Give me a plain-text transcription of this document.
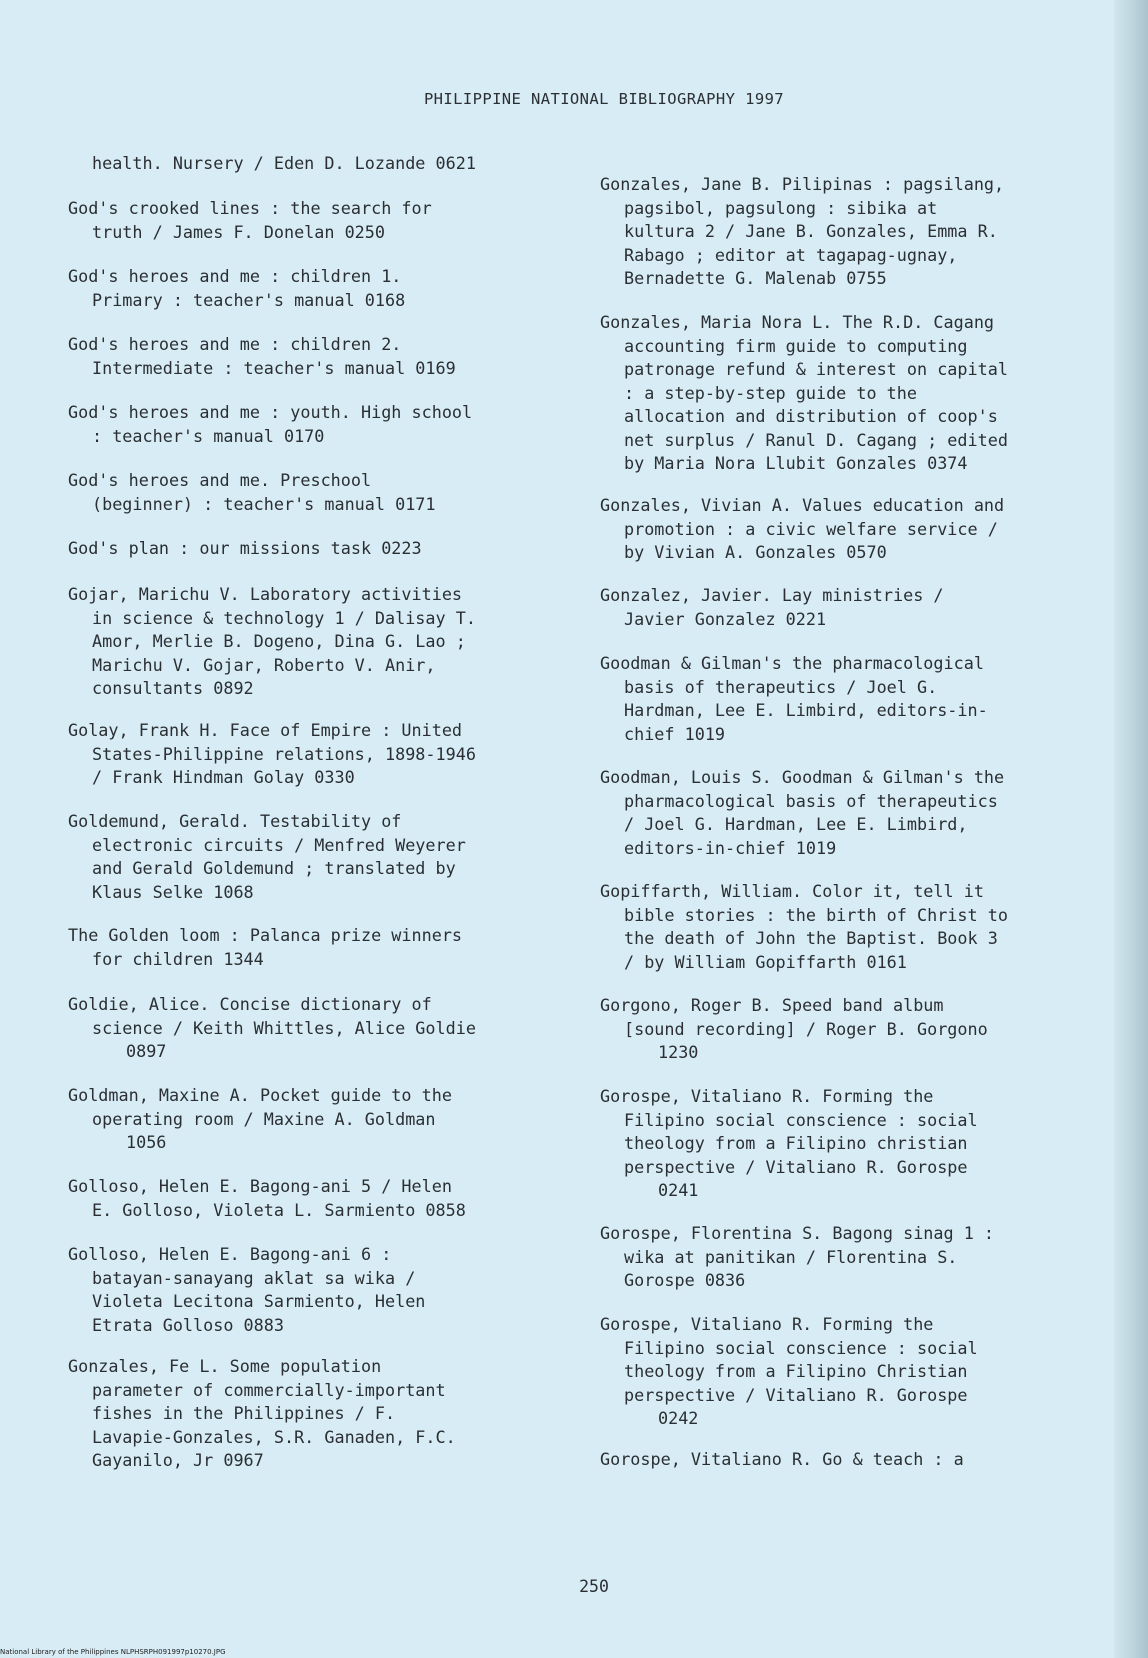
PHILIPPINE NATIONAL BIBLIOGRAPHY 1997
health. Nursery / Eden D. Lozande 0621
God's crooked lines : the search for
truth / James F. Donelan 0250
God's heroes and me : children 1.
Primary : teacher's manual 0168
God's heroes and me : children 2.
Intermediate : teacher's manual 0169
God's heroes and me : youth. High school
: teacher's manual 0170
God's heroes and me. Preschool
(beginner) : teacher's manual 0171
God's plan : our missions task 0223
Gojar, Marichu V. Laboratory activities
in science & technology 1 / Dalisay T.
Amor, Merlie B. Dogeno, Dina G. Lao ;
Marichu V. Gojar, Roberto V. Anir,
consultants 0892
Golay, Frank H. Face of Empire : United
States-Philippine relations, 1898-1946
/ Frank Hindman Golay 0330
Goldemund, Gerald. Testability of
electronic circuits / Menfred Weyerer
and Gerald Goldemund ; translated by
Klaus Selke 1068
The Golden loom : Palanca prize winners
for children 1344
Goldie, Alice. Concise dictionary of
science / Keith Whittles, Alice Goldie
0897
Goldman, Maxine A. Pocket guide to the
operating room / Maxine A. Goldman
1056
Golloso, Helen E. Bagong-ani 5 / Helen
E. Golloso, Violeta L. Sarmiento 0858
Golloso, Helen E. Bagong-ani 6 :
batayan-sanayang aklat sa wika /
Violeta Lecitona Sarmiento, Helen
Etrata Golloso 0883
Gonzales, Fe L. Some population
parameter of commercially-important
fishes in the Philippines / F.
Lavapie-Gonzales, S.R. Ganaden, F.C.
Gayanilo, Jr 0967
Gonzales, Jane B. Pilipinas : pagsilang,
pagsibol, pagsulong : sibika at
kultura 2 / Jane B. Gonzales, Emma R.
Rabago ; editor at tagapag-ugnay,
Bernadette G. Malenab 0755
Gonzales, Maria Nora L. The R.D. Cagang
accounting firm guide to computing
patronage refund & interest on capital
: a step-by-step guide to the
allocation and distribution of coop's
net surplus / Ranul D. Cagang ; edited
by Maria Nora Llubit Gonzales 0374
Gonzales, Vivian A. Values education and
promotion : a civic welfare service /
by Vivian A. Gonzales 0570
Gonzalez, Javier. Lay ministries /
Javier Gonzalez 0221
Goodman & Gilman's the pharmacological
basis of therapeutics / Joel G.
Hardman, Lee E. Limbird, editors-in-
chief 1019
Goodman, Louis S. Goodman & Gilman's the
pharmacological basis of therapeutics
/ Joel G. Hardman, Lee E. Limbird,
editors-in-chief 1019
Gopiffarth, William. Color it, tell it
bible stories : the birth of Christ to
the death of John the Baptist. Book 3
/ by William Gopiffarth 0161
Gorgono, Roger B. Speed band album
[sound recording] / Roger B. Gorgono
1230
Gorospe, Vitaliano R. Forming the
Filipino social conscience : social
theology from a Filipino christian
perspective / Vitaliano R. Gorospe
0241
Gorospe, Florentina S. Bagong sinag 1 :
wika at panitikan / Florentina S.
Gorospe 0836
Gorospe, Vitaliano R. Forming the
Filipino social conscience : social
theology from a Filipino Christian
perspective / Vitaliano R. Gorospe
0242
Gorospe, Vitaliano R. Go & teach : a
250
National Library of the Philippines NLPHSRPH091997p10270.JPG
